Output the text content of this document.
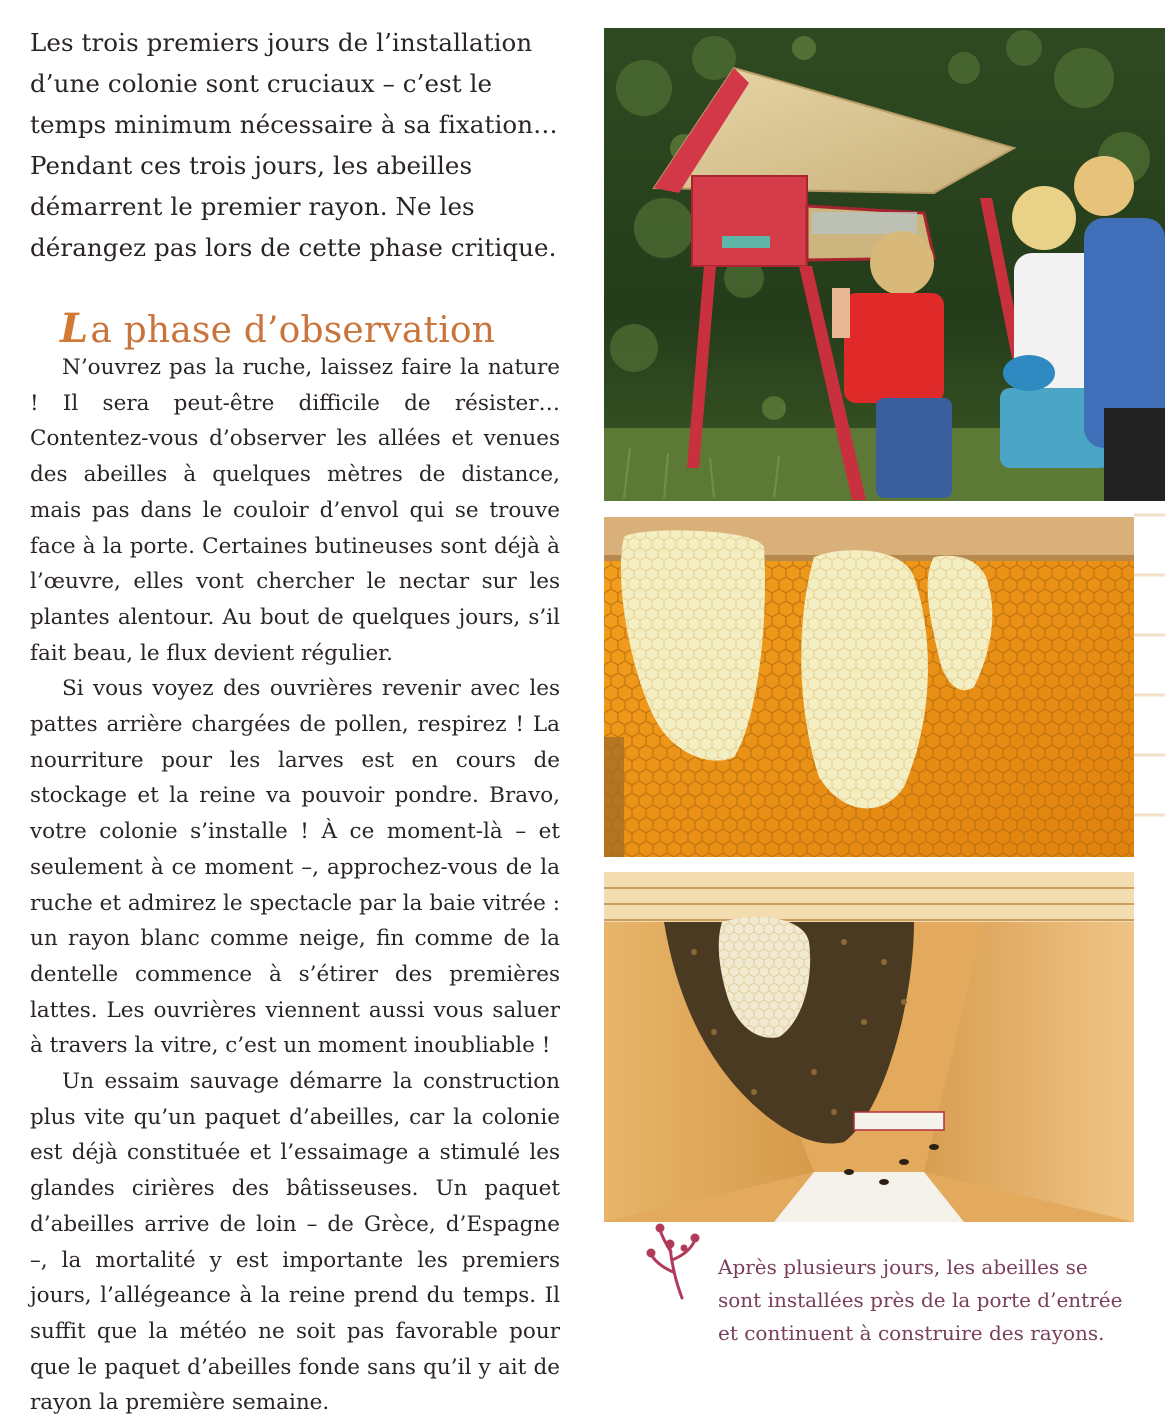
Les trois premiers jours de l’installation

d’une colonie sont cruciaux – c’est le

temps minimum nécessaire à sa fixation…

Pendant ces trois jours, les abeilles

démarrent le premier rayon. Ne les

dérangez pas lors de cette phase critique.

La phase d’observation

N’ouvrez pas la ruche, laissez faire la nature ! Il sera peut-être difficile de résister… Contentez-vous d’observer les allées et venues des abeilles à quelques mètres de distance, mais pas dans le couloir d’envol qui se trouve face à la porte. Certaines butineuses sont déjà à l’œuvre, elles vont chercher le nectar sur les plantes alentour. Au bout de quelques jours, s’il fait beau, le flux devient régulier.

Si vous voyez des ouvrières revenir avec les pattes arrière chargées de pollen, respirez ! La nourriture pour les larves est en cours de stockage et la reine va pouvoir pondre. Bravo, votre colonie s’installe ! À ce moment-là – et seulement à ce moment –, approchez-vous de la ruche et admirez le spectacle par la baie vitrée : un rayon blanc comme neige, fin comme de la dentelle commence à s’étirer des premières lattes. Les ouvrières viennent aussi vous saluer à travers la vitre, c’est un moment inoubliable !

Un essaim sauvage démarre la construction plus vite qu’un paquet d’abeilles, car la colonie est déjà constituée et l’essaimage a stimulé les glandes cirières des bâtisseuses. Un paquet d’abeilles arrive de loin – de Grèce, d’Espagne –, la mortalité y est importante les premiers jours, l’allégeance à la reine prend du temps. Il suffit que la météo ne soit pas favorable pour que le paquet d’abeilles fonde sans qu’il y ait de rayon la première semaine.

Après plusieurs jours, les abeilles se

sont installées près de la porte d’entrée

et continuent à construire des rayons.
